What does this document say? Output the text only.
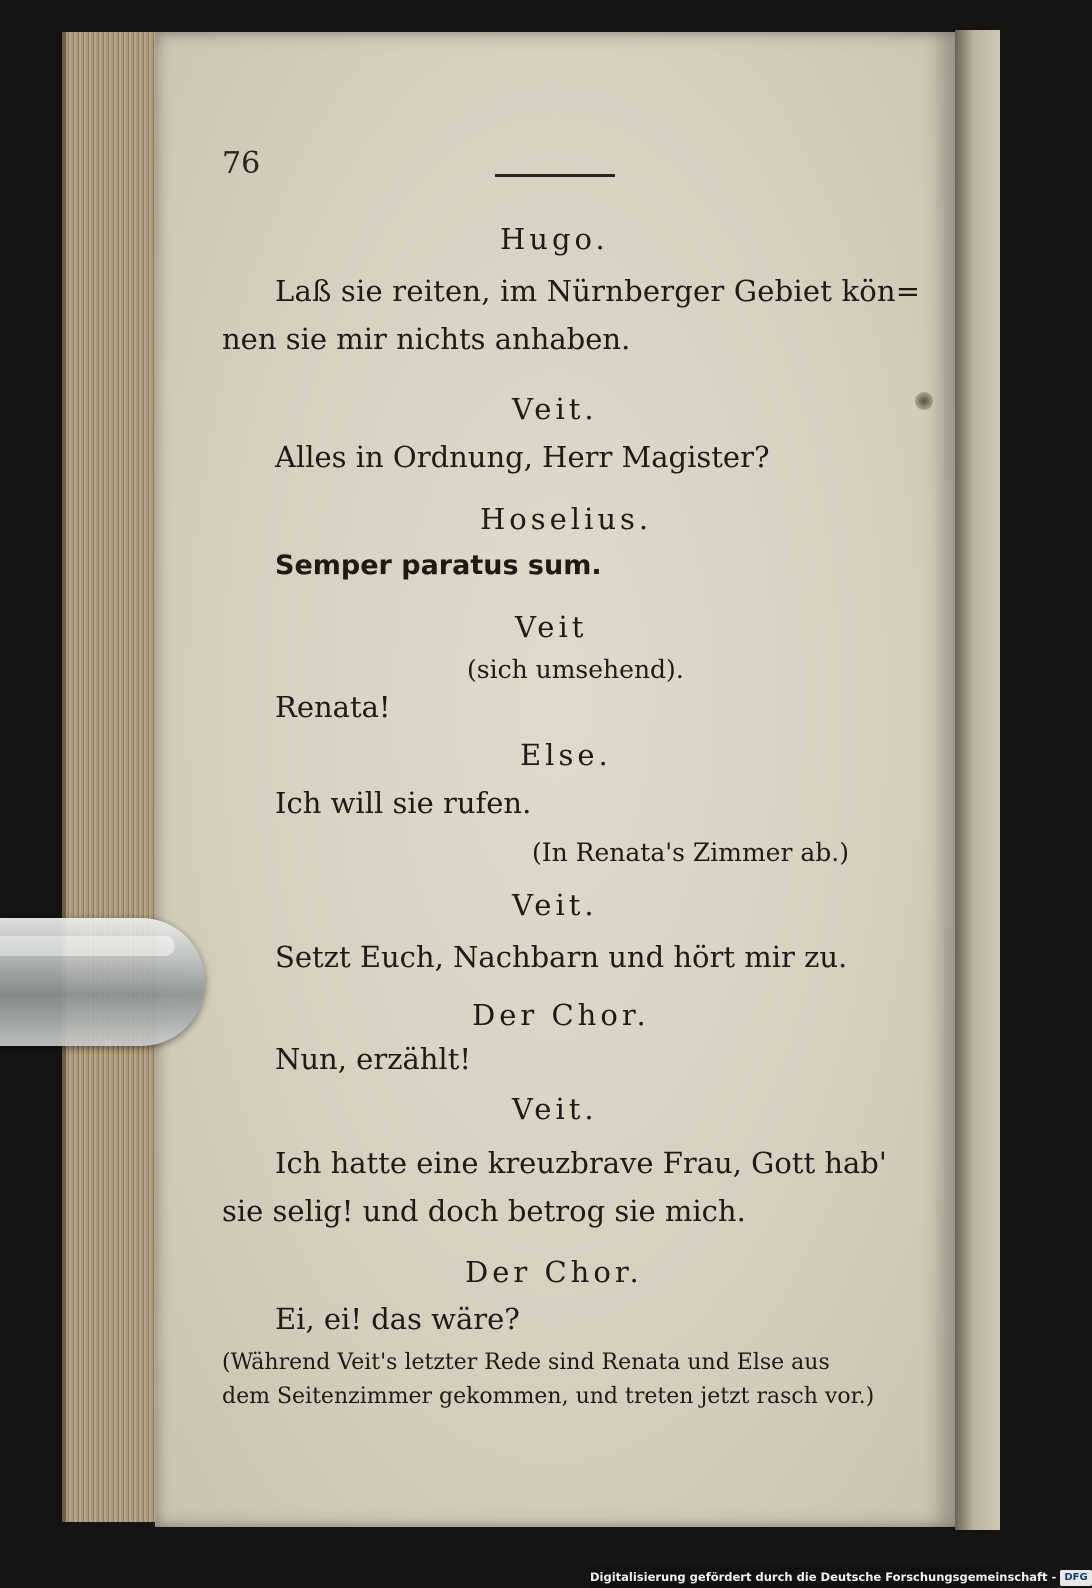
76
Hugo.
Laß sie reiten, im Nürnberger Gebiet kön=
nen sie mir nichts anhaben.
Veit.
Alles in Ordnung, Herr Magister?
Hoselius.
Semper paratus sum.
Veit
(sich umsehend).
Renata!
Else.
Ich will sie rufen.
(In Renata's Zimmer ab.)
Veit.
Setzt Euch, Nachbarn und hört mir zu.
Der Chor.
Nun, erzählt!
Veit.
Ich hatte eine kreuzbrave Frau, Gott hab'
sie selig! und doch betrog sie mich.
Der Chor.
Ei, ei! das wäre?
(Während Veit's letzter Rede sind Renata und Else aus
dem Seitenzimmer gekommen, und treten jetzt rasch vor.)
Digitalisierung gefördert durch die Deutsche Forschungsgemeinschaft - DFG
